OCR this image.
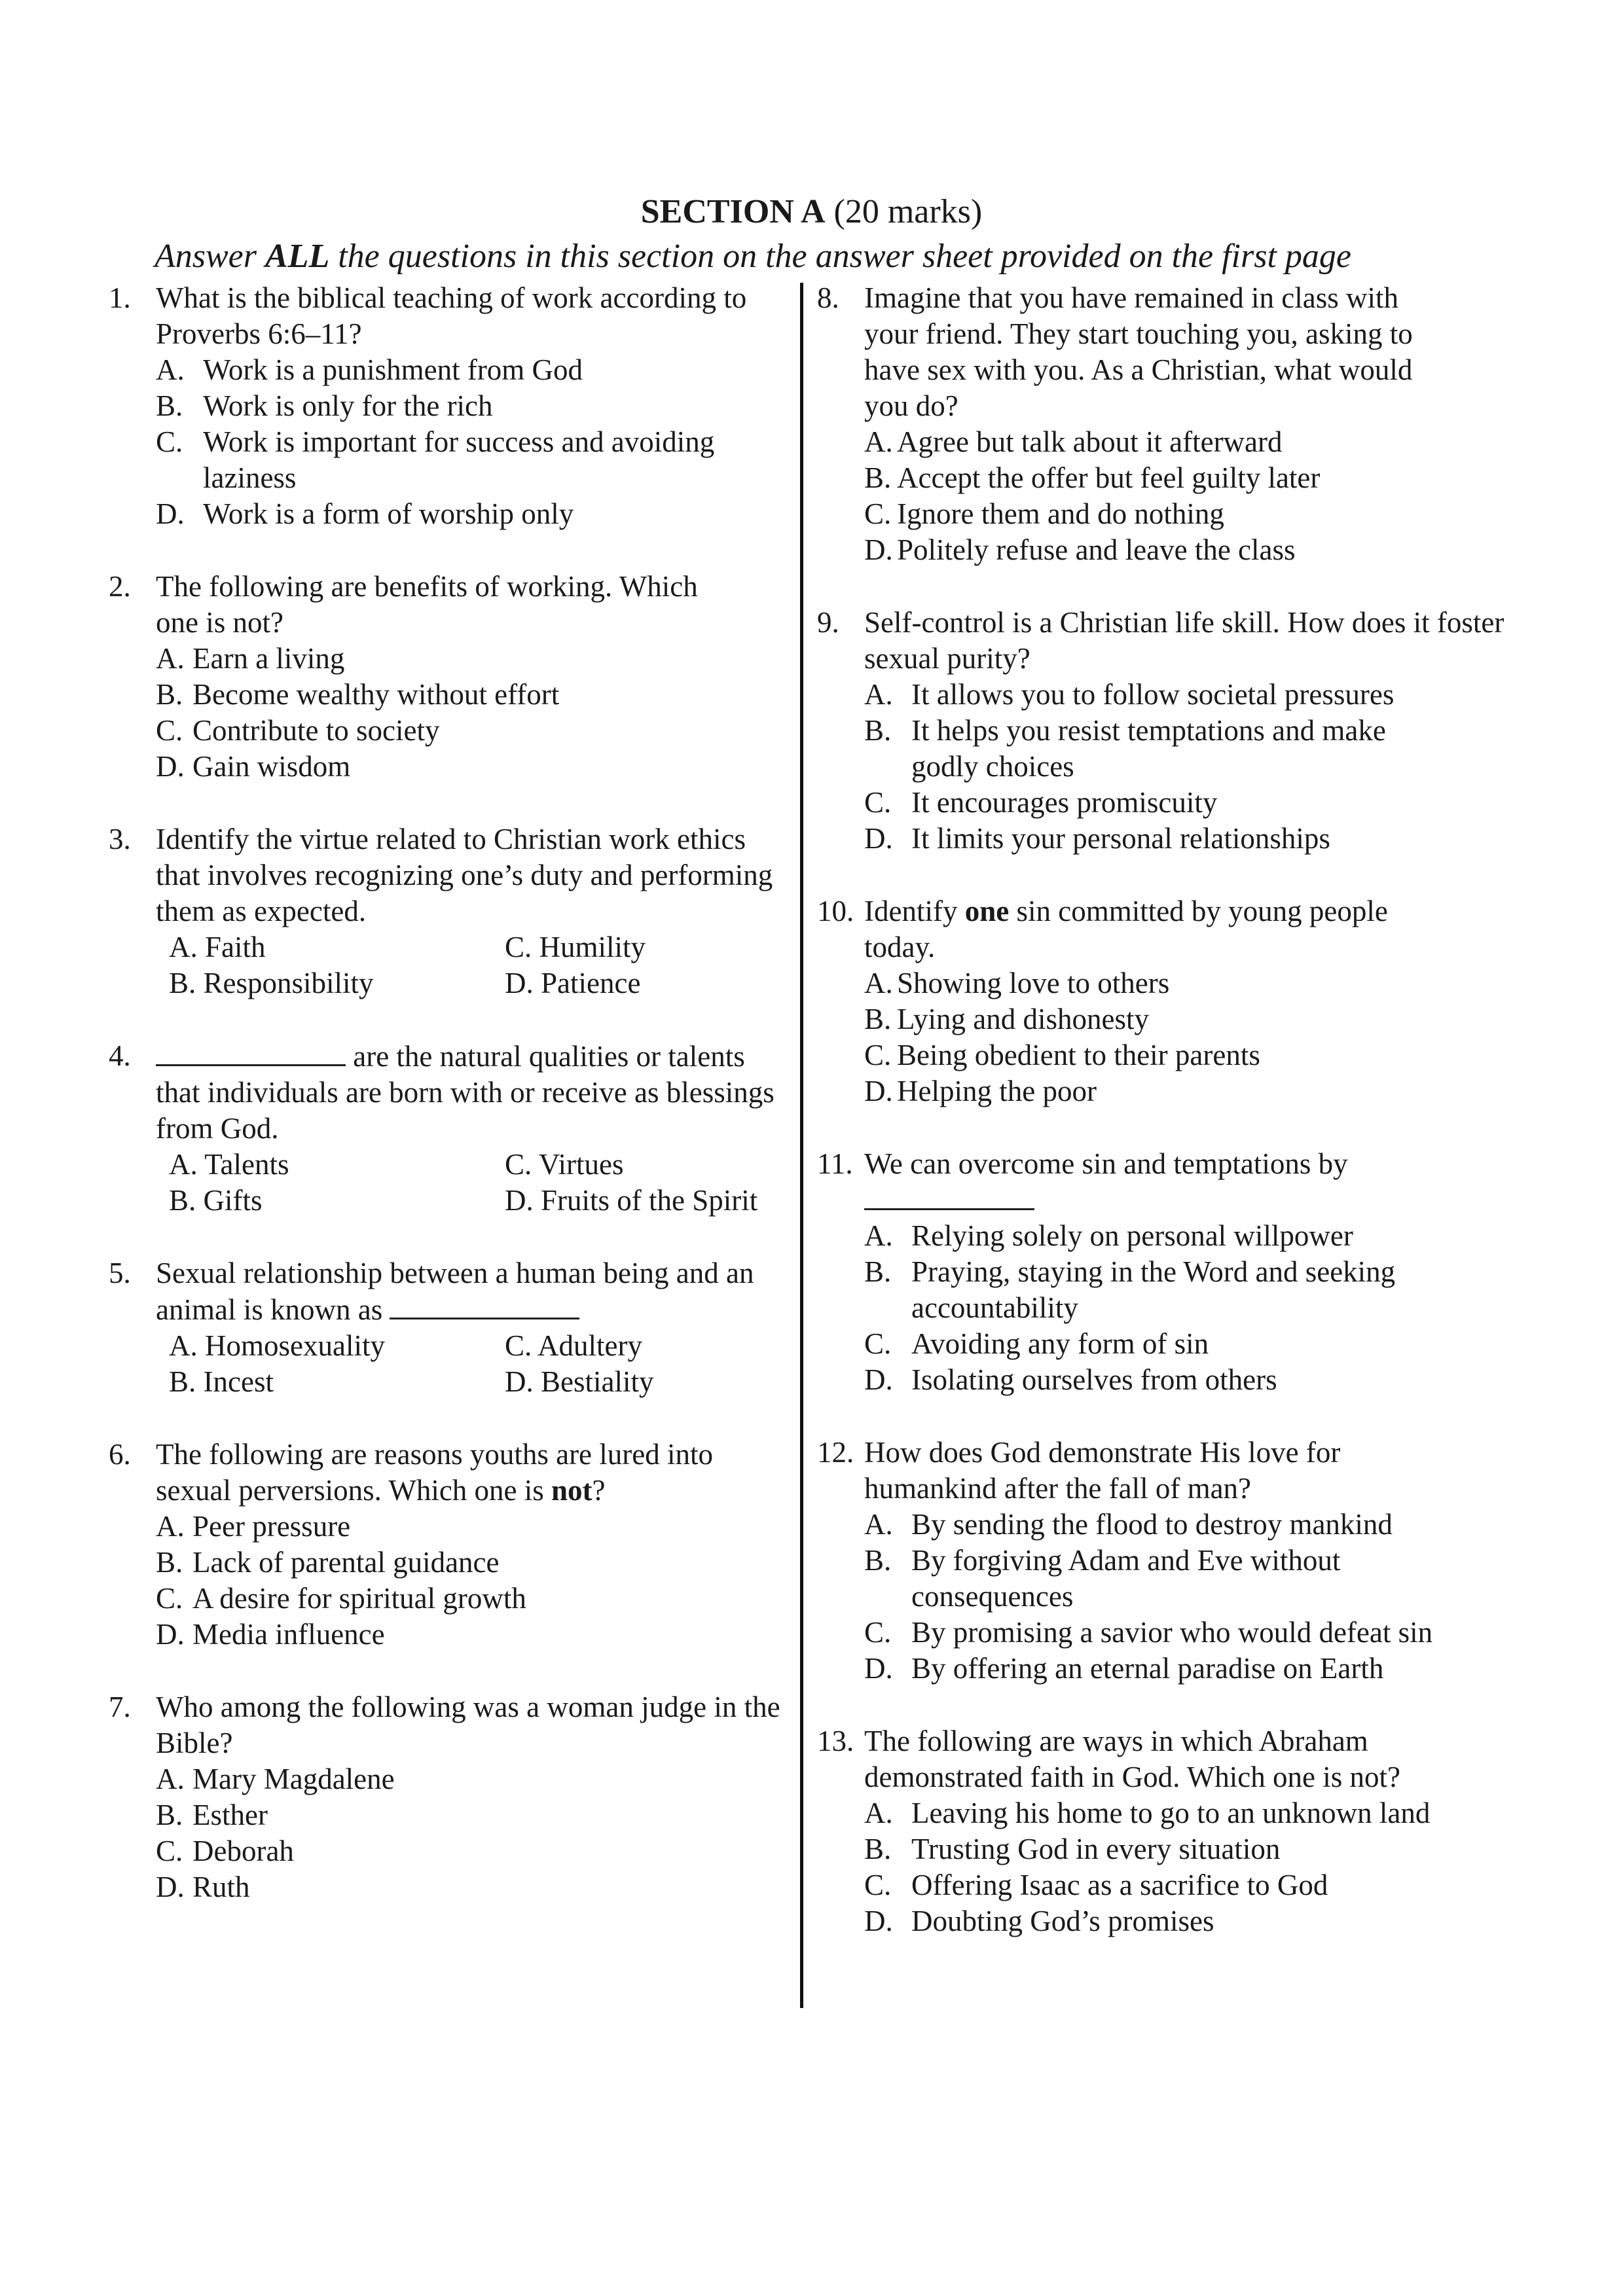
SECTION A (20 marks)
Answer ALL the questions in this section on the answer sheet provided on the first page
1. What is the biblical teaching of work according to Proverbs 6:6–11?
A. Work is a punishment from God
B. Work is only for the rich
C. Work is important for success and avoiding laziness
D. Work is a form of worship only
2. The following are benefits of working. Which one is not?
A. Earn a living
B. Become wealthy without effort
C. Contribute to society
D. Gain wisdom
3. Identify the virtue related to Christian work ethics that involves recognizing one’s duty and performing them as expected.
A. Faith	C. Humility
B. Responsibility	D. Patience
4.	are the natural qualities or talents that individuals are born with or receive as blessings from God.
A. Talents	C. Virtues
B. Gifts	D. Fruits of the Spirit
5. Sexual relationship between a human being and an animal is known as
A. Homosexuality	C. Adultery
B. Incest	D. Bestiality
6. The following are reasons youths are lured into sexual perversions. Which one is not?
A. Peer pressure
B. Lack of parental guidance
C. A desire for spiritual growth
D. Media influence
7. Who among the following was a woman judge in the Bible?
A. Mary Magdalene
B. Esther
C. Deborah
D. Ruth
8. Imagine that you have remained in class with your friend. They start touching you, asking to have sex with you. As a Christian, what would you do?
A. Agree but talk about it afterward
B. Accept the offer but feel guilty later
C. Ignore them and do nothing
D. Politely refuse and leave the class
9. Self-control is a Christian life skill. How does it foster sexual purity?
A. It allows you to follow societal pressures
B. It helps you resist temptations and make godly choices
C. It encourages promiscuity
D. It limits your personal relationships
10. Identify one sin committed by young people today.
A. Showing love to others
B. Lying and dishonesty
C. Being obedient to their parents
D. Helping the poor
11. We can overcome sin and temptations by
A. Relying solely on personal willpower
B. Praying, staying in the Word and seeking accountability
C. Avoiding any form of sin
D. Isolating ourselves from others
12. How does God demonstrate His love for humankind after the fall of man?
A. By sending the flood to destroy mankind
B. By forgiving Adam and Eve without consequences
C. By promising a savior who would defeat sin
D. By offering an eternal paradise on Earth
13. The following are ways in which Abraham demonstrated faith in God. Which one is not?
A. Leaving his home to go to an unknown land
B. Trusting God in every situation
C. Offering Isaac as a sacrifice to God
D. Doubting God’s promises
